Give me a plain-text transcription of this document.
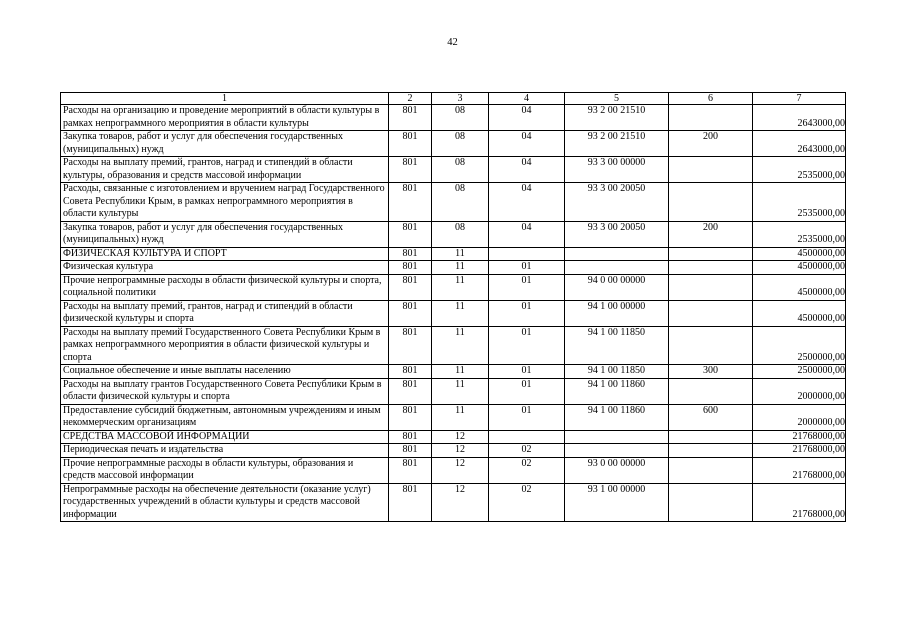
42
1	2	3	4	5	6	7
Расходы на организацию и проведение мероприятий в области культуры в рамках непрограммного мероприятия в области культуры	801	08	04	93 2 00 21510		2643000,00
Закупка товаров, работ и услуг для обеспечения государственных (муниципальных) нужд	801	08	04	93 2 00 21510	200	2643000,00
Расходы на выплату премий, грантов, наград и стипендий в области культуры, образования и средств массовой информации	801	08	04	93 3 00 00000		2535000,00
Расходы, связанные с изготовлением и вручением наград Государственного Совета Республики Крым, в рамках непрограммного мероприятия в области культуры	801	08	04	93 3 00 20050		2535000,00
Закупка товаров, работ и услуг для обеспечения государственных (муниципальных) нужд	801	08	04	93 3 00 20050	200	2535000,00
ФИЗИЧЕСКАЯ КУЛЬТУРА И СПОРТ	801	11				4500000,00
Физическая культура	801	11	01			4500000,00
Прочие непрограммные расходы в области физической культуры и спорта, социальной политики	801	11	01	94 0 00 00000		4500000,00
Расходы на выплату премий, грантов, наград и стипендий в области физической культуры и спорта	801	11	01	94 1 00 00000		4500000,00
Расходы на выплату премий Государственного Совета Республики Крым в рамках непрограммного мероприятия в области физической культуры и спорта	801	11	01	94 1 00 11850		2500000,00
Социальное обеспечение и иные выплаты населению	801	11	01	94 1 00 11850	300	2500000,00
Расходы на выплату грантов Государственного Совета Республики Крым в области физической культуры и спорта	801	11	01	94 1 00 11860		2000000,00
Предоставление субсидий бюджетным, автономным учреждениям и иным некоммерческим организациям	801	11	01	94 1 00 11860	600	2000000,00
СРЕДСТВА МАССОВОЙ ИНФОРМАЦИИ	801	12				21768000,00
Периодическая печать и издательства	801	12	02			21768000,00
Прочие непрограммные расходы в области культуры, образования и средств массовой информации	801	12	02	93 0 00 00000		21768000,00
Непрограммные расходы на обеспечение деятельности (оказание услуг) государственных учреждений в области культуры и средств массовой информации	801	12	02	93 1 00 00000		21768000,00
